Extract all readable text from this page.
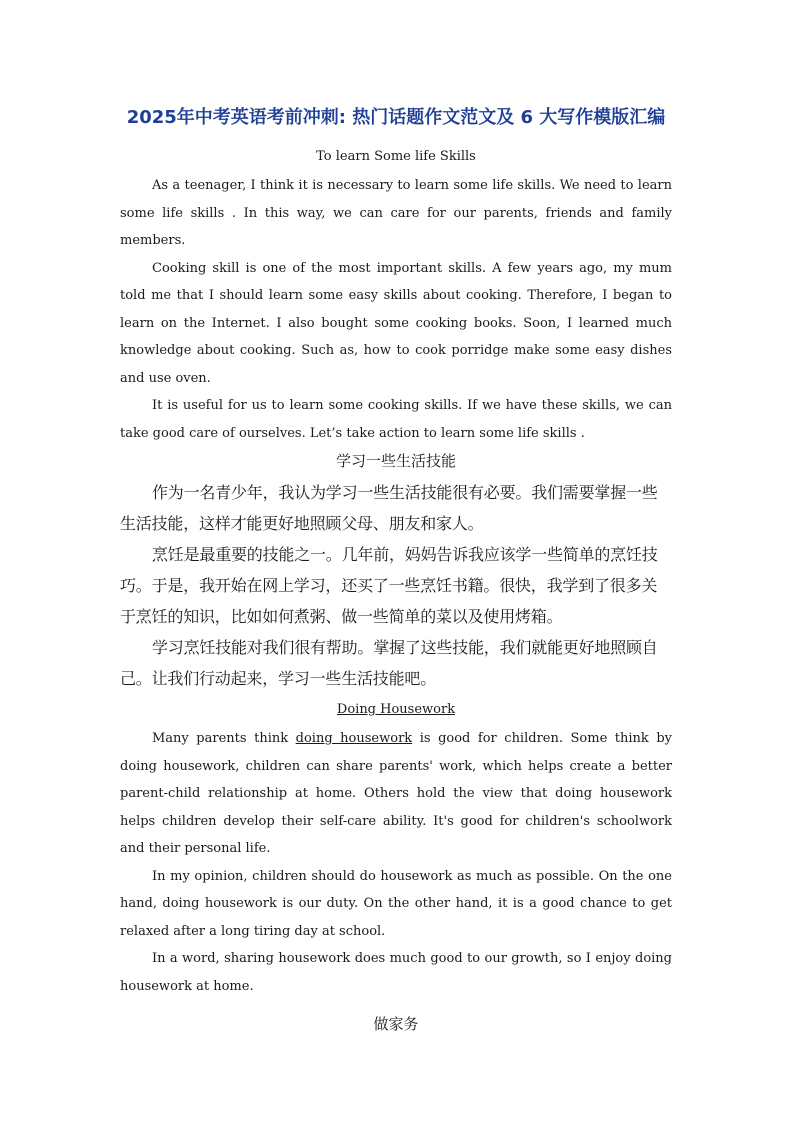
2025年中考英语考前冲刺: 热门话题作文范文及 6 大写作模版汇编
To learn Some life Skills

As a teenager, I think it is necessary to learn some life skills. We need to learn some life skills . In this way, we can care for our parents, friends and family members.

Cooking skill is one of the most important skills. A few years ago, my mum told me that I should learn some easy skills about cooking. Therefore, I began to learn on the Internet. I also bought some cooking books. Soon, I learned much knowledge about cooking. Such as, how to cook porridge make some easy dishes and use oven.

It is useful for us to learn some cooking skills. If we have these skills, we can take good care of ourselves. Let’s take action to learn some life skills .

学习一些生活技能

作为一名青少年，我认为学习一些生活技能很有必要。我们需要掌握一些生活技能，这样才能更好地照顾父母、朋友和家人。

烹饪是最重要的技能之一。几年前，妈妈告诉我应该学一些简单的烹饪技巧。于是，我开始在网上学习，还买了一些烹饪书籍。很快，我学到了很多关于烹饪的知识，比如如何煮粥、做一些简单的菜以及使用烤箱。

学习烹饪技能对我们很有帮助。掌握了这些技能，我们就能更好地照顾自己。让我们行动起来，学习一些生活技能吧。

Doing Housework

Many parents think doing housework is good for children. Some think by doing housework, children can share parents' work, which helps create a better parent-child relationship at home. Others hold the view that doing housework helps children develop their self-care ability. It's good for children's schoolwork and their personal life.

In my opinion, children should do housework as much as possible. On the one hand, doing housework is our duty. On the other hand, it is a good chance to get relaxed after a long tiring day at school.

In a word, sharing housework does much good to our growth, so I enjoy doing housework at home.

做家务
